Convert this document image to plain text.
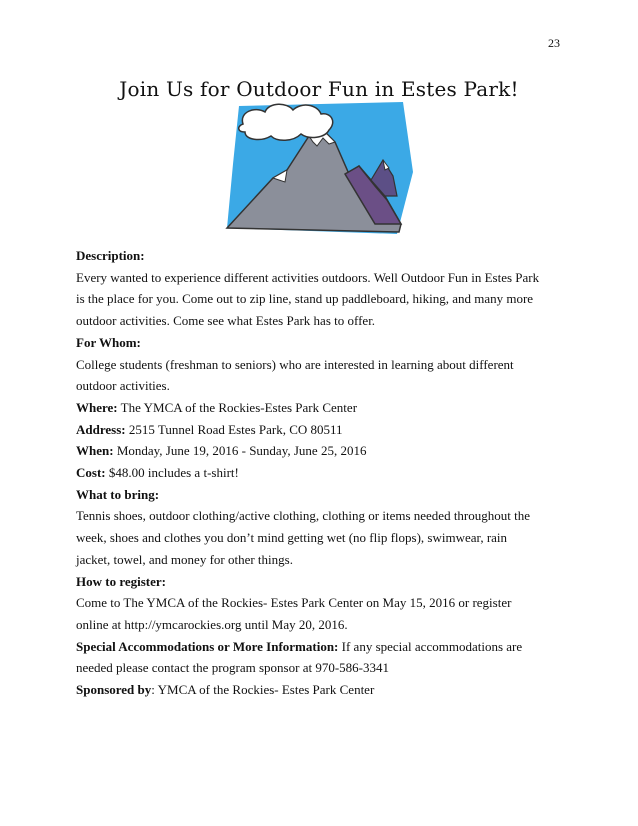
23
Join Us for Outdoor Fun in Estes Park!
Description:
Every wanted to experience different activities outdoors. Well Outdoor Fun in Estes Park
is the place for you. Come out to zip line, stand up paddleboard, hiking, and many more
outdoor activities. Come see what Estes Park has to offer.
For Whom:
College students (freshman to seniors) who are interested in learning about different
outdoor activities.
Where: The YMCA of the Rockies-Estes Park Center
Address: 2515 Tunnel Road Estes Park, CO 80511
When: Monday, June 19, 2016 - Sunday, June 25, 2016
Cost: $48.00 includes a t-shirt!
What to bring:
Tennis shoes, outdoor clothing/active clothing, clothing or items needed throughout the
week, shoes and clothes you don’t mind getting wet (no flip flops), swimwear, rain
jacket, towel, and money for other things.
How to register:
Come to The YMCA of the Rockies- Estes Park Center on May 15, 2016 or register
online at http://ymcarockies.org until May 20, 2016.
Special Accommodations or More Information: If any special accommodations are
needed please contact the program sponsor at 970-586-3341
Sponsored by: YMCA of the Rockies- Estes Park Center
